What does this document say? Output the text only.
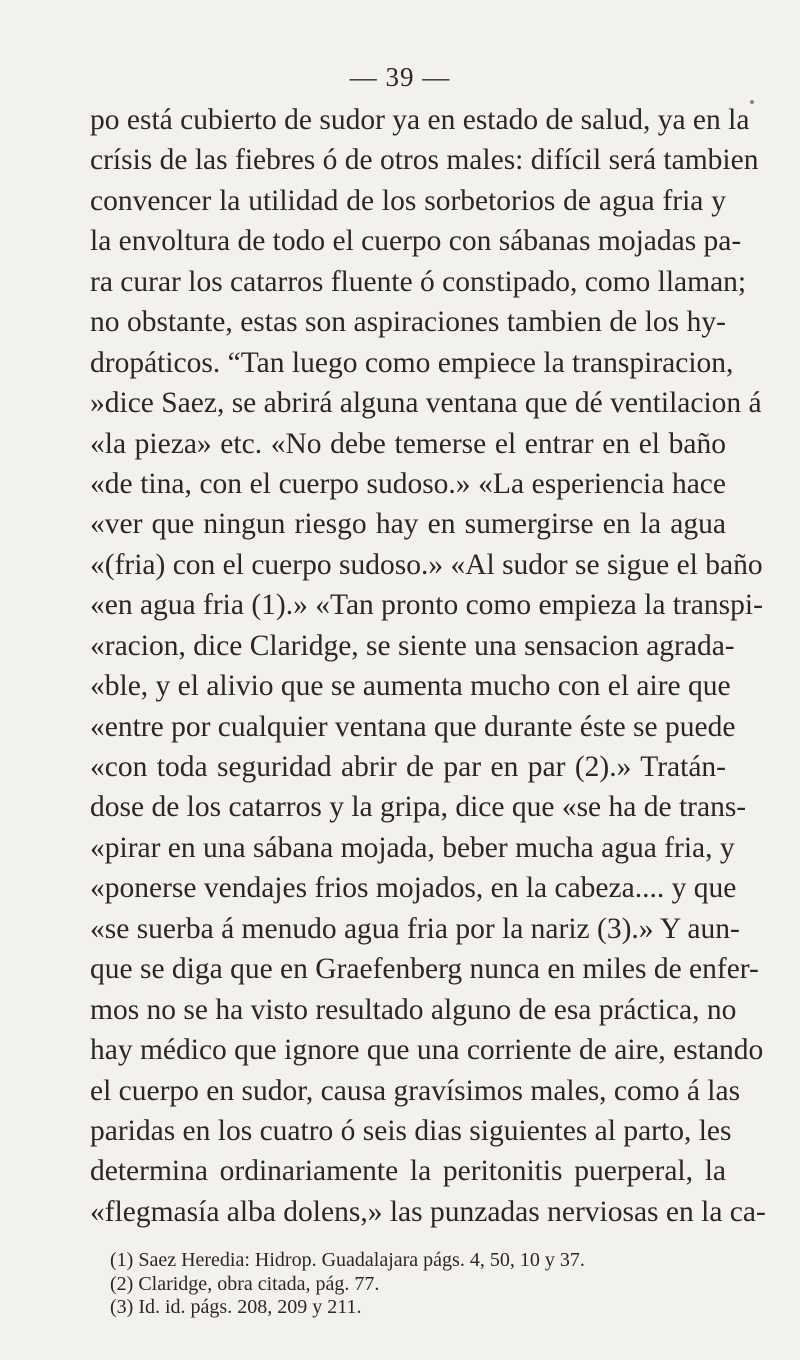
— 39 —
po está cubierto de sudor ya en estado de salud, ya en la
crísis de las fiebres ó de otros males: difícil será tambien
convencer la utilidad de los sorbetorios de agua fria y
la envoltura de todo el cuerpo con sábanas mojadas pa-
ra curar los catarros fluente ó constipado, como llaman;
no obstante, estas son aspiraciones tambien de los hy-
dropáticos. “Tan luego como empiece la transpiracion,
»dice Saez, se abrirá alguna ventana que dé ventilacion á
«la pieza» etc. «No debe temerse el entrar en el baño
«de tina, con el cuerpo sudoso.» «La esperiencia hace
«ver que ningun riesgo hay en sumergirse en la agua
«(fria) con el cuerpo sudoso.» «Al sudor se sigue el baño
«en agua fria (1).» «Tan pronto como empieza la transpi-
«racion, dice Claridge, se siente una sensacion agrada-
«ble, y el alivio que se aumenta mucho con el aire que
«entre por cualquier ventana que durante éste se puede
«con toda seguridad abrir de par en par (2).» Tratán-
dose de los catarros y la gripa, dice que «se ha de trans-
«pirar en una sábana mojada, beber mucha agua fria, y
«ponerse vendajes frios mojados, en la cabeza.... y que
«se suerba á menudo agua fria por la nariz (3).» Y aun-
que se diga que en Graefenberg nunca en miles de enfer-
mos no se ha visto resultado alguno de esa práctica, no
hay médico que ignore que una corriente de aire, estando
el cuerpo en sudor, causa gravísimos males, como á las
paridas en los cuatro ó seis dias siguientes al parto, les
determina ordinariamente la peritonitis puerperal, la
«flegmasía alba dolens,» las punzadas nerviosas en la ca-
(1) Saez Heredia: Hidrop. Guadalajara págs. 4, 50, 10 y 37.
(2) Claridge, obra citada, pág. 77.
(3) Id. id. págs. 208, 209 y 211.
